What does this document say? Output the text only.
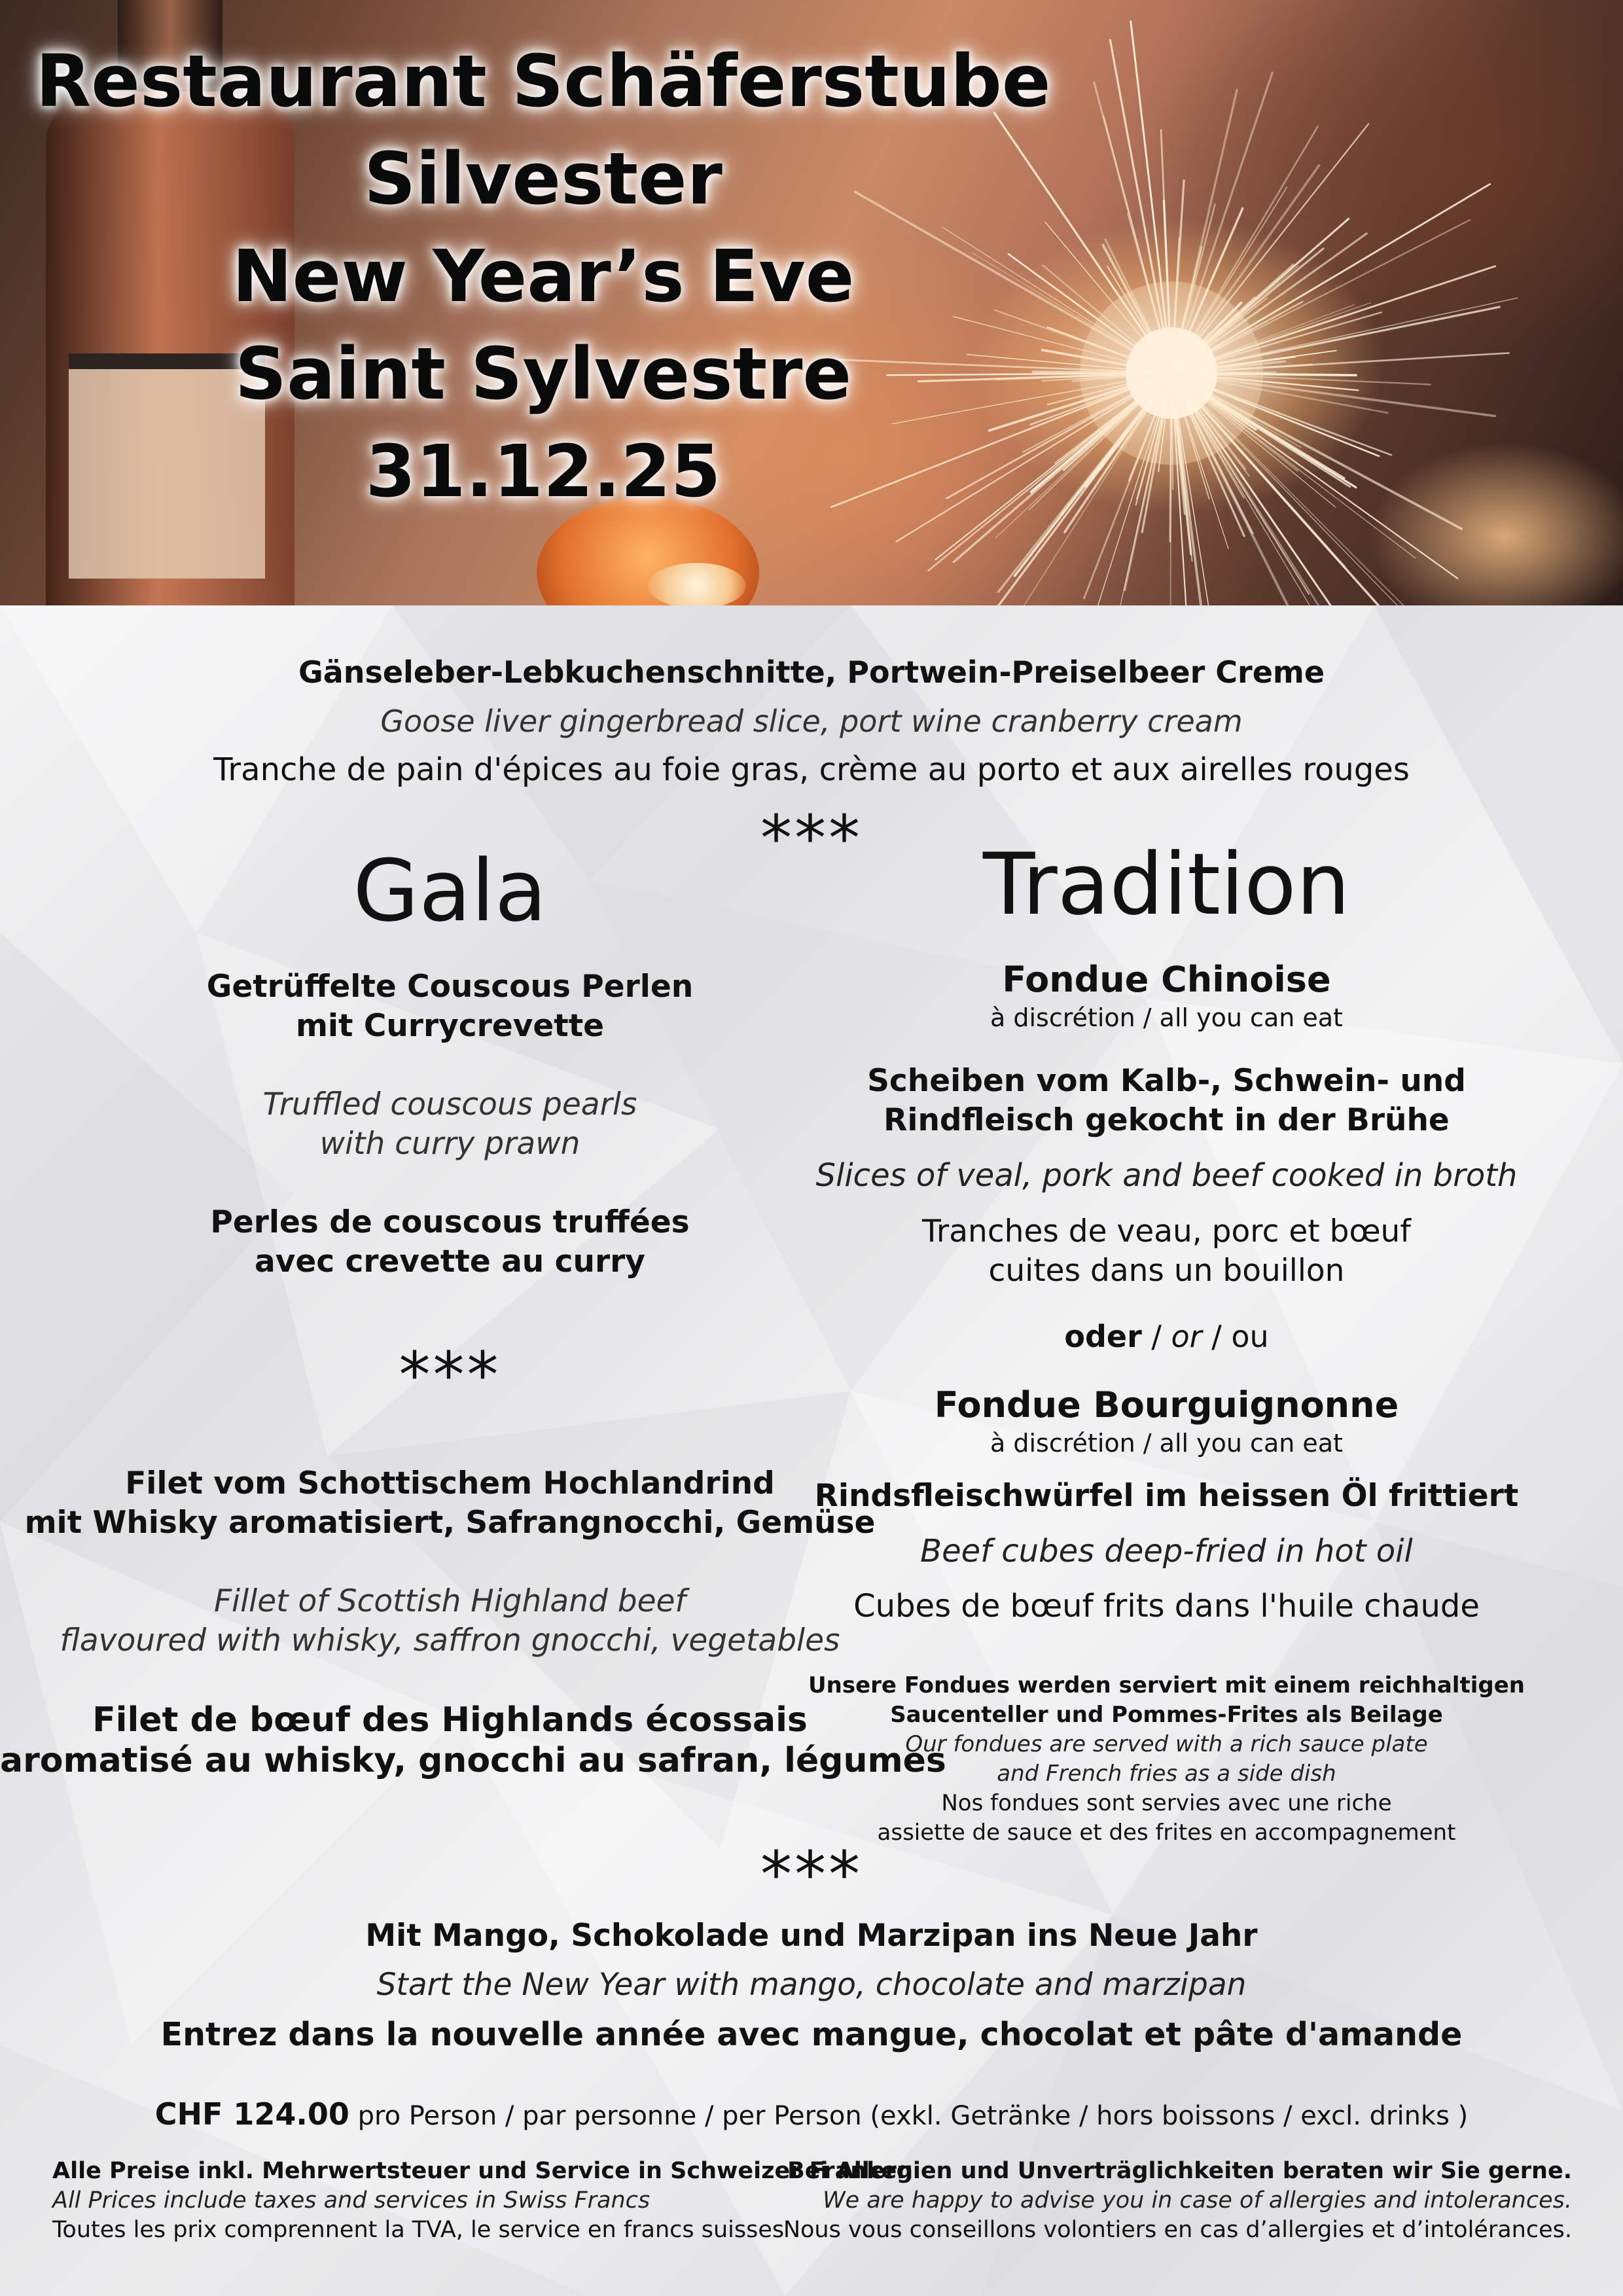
Restaurant Schäferstube
Silvester
New Year’s Eve
Saint Sylvestre
31.12.25
Gänseleber-Lebkuchenschnitte, Portwein-Preiselbeer Creme
Goose liver gingerbread slice, port wine cranberry cream
Tranche de pain d'épices au foie gras, crème au porto et aux airelles rouges
***
Gala
Getrüffelte Couscous Perlen
mit Currycrevette
Truffled couscous pearls
with curry prawn
Perles de couscous truffées
avec crevette au curry
***
Filet vom Schottischem Hochlandrind
mit Whisky aromatisiert, Safrangnocchi, Gemüse
Fillet of Scottish Highland beef
flavoured with whisky, saffron gnocchi, vegetables
Filet de bœuf des Highlands écossais
aromatisé au whisky, gnocchi au safran, légumes
Tradition
Fondue Chinoise
à discrétion / all you can eat
Scheiben vom Kalb-, Schwein- und
Rindfleisch gekocht in der Brühe
Slices of veal, pork and beef cooked in broth
Tranches de veau, porc et bœuf
cuites dans un bouillon
oder / or / ou
Fondue Bourguignonne
à discrétion / all you can eat
Rindsfleischwürfel im heissen Öl frittiert
Beef cubes deep-fried in hot oil
Cubes de bœuf frits dans l'huile chaude
Unsere Fondues werden serviert mit einem reichhaltigen
Saucenteller und Pommes-Frites als Beilage
Our fondues are served with a rich sauce plate
and French fries as a side dish
Nos fondues sont servies avec une riche
assiette de sauce et des frites en accompagnement
***
Mit Mango, Schokolade und Marzipan ins Neue Jahr
Start the New Year with mango, chocolate and marzipan
Entrez dans la nouvelle année avec mangue, chocolat et pâte d'amande
CHF 124.00 pro Person / par personne / per Person (exkl. Getränke / hors boissons / excl. drinks )
Alle Preise inkl. Mehrwertsteuer und Service in Schweizer Franken
All Prices include taxes and services in Swiss Francs
Toutes les prix comprennent la TVA, le service en francs suisses
Bei Allergien und Unverträglichkeiten beraten wir Sie gerne.
We are happy to advise you in case of allergies and intolerances.
Nous vous conseillons volontiers en cas d’allergies et d’intolérances.
